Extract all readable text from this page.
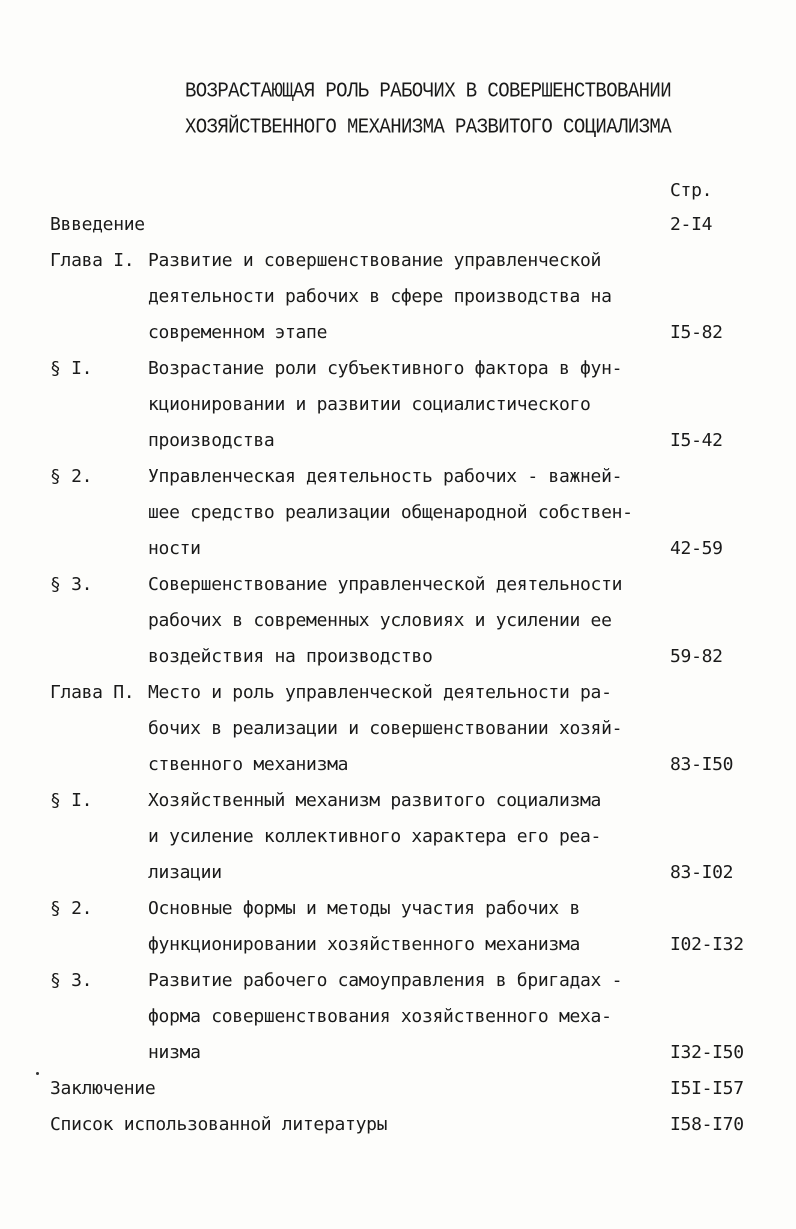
ВОЗРАСТАЮЩАЯ РОЛЬ РАБОЧИХ В СОВЕРШЕНСТВОВАНИИ
ХОЗЯЙСТВЕННОГО МЕХАНИЗМА РАЗВИТОГО СОЦИАЛИЗМА
Стр.
Ввведение	2-I4
Глава I. Развитие и совершенствование управленческой
деятельности рабочих в сфере производства на
современном этапе	I5-82
§ I.	Возрастание роли субъективного фактора в фун-
кционировании и развитии социалистического
производства	I5-42
§ 2.	Управленческая деятельность рабочих - важней-
шее средство реализации общенародной собствен-
ности	42-59
§ 3.	Совершенствование управленческой деятельности
рабочих в современных условиях и усилении ее
воздействия на производство	59-82
Глава П. Место и роль управленческой деятельности ра-
бочих в реализации и совершенствовании хозяй-
ственного механизма	83-I50
§ I.	Хозяйственный механизм развитого социализма
и усиление коллективного характера его реа-
лизации	83-I02
§ 2.	Основные формы и методы участия рабочих в
функционировании хозяйственного механизма	I02-I32
§ 3.	Развитие рабочего самоуправления в бригадах -
форма совершенствования хозяйственного меха-
низма	I32-I50
Заключение	I5I-I57
Список использованной литературы	I58-I70
